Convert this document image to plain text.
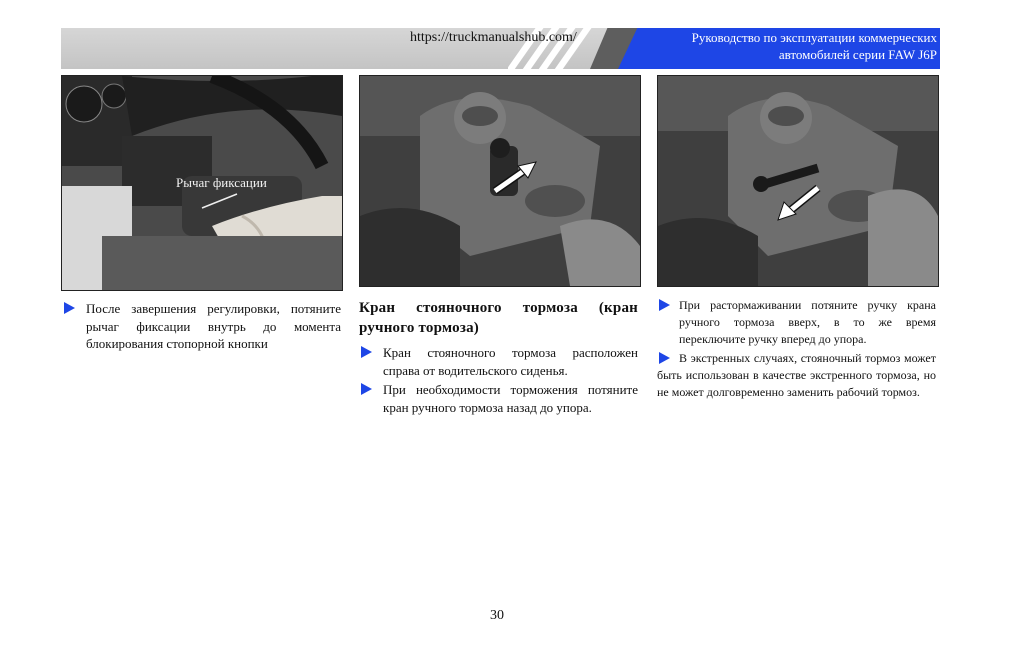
https://truckmanualshub.com/	Руководство по эксплуатации коммерческих
автомобилей серии FAW J6P
Рычаг фиксации

После завершения регулировки, потяните рычаг фиксации внутрь до момента блокирования стопорной кнопки

Кран стояночного тормоза (кран ручного тормоза)

Кран стояночного тормоза расположен справа от водительского сиденья.

При необходимости торможения потяните кран ручного тормоза назад до упора.

При растормаживании потяните ручку крана ручного тормоза вверх, в то же время переключите ручку вперед до упора.

В экстренных случаях, стояночный тормоз может быть использован в качестве экстренного тормоза, но не может долговременно заменить рабочий тормоз.

30
